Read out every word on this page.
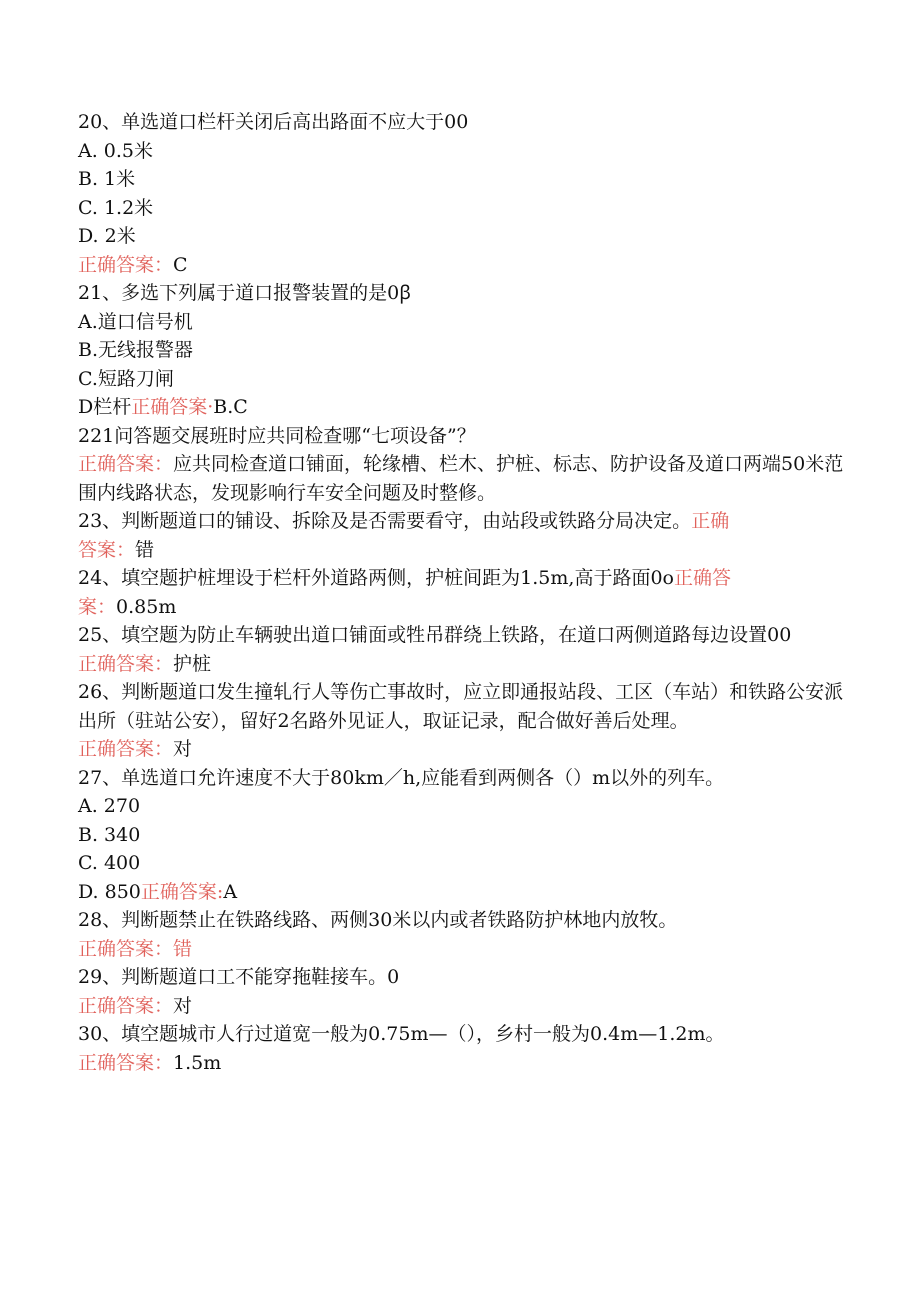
20、单选道口栏杆关闭后高出路面不应大于00
A. 0.5米
B. 1米
C. 1.2米
D. 2米
正确答案：C
21、多选下列属于道口报警装置的是0ꞵ
A.道口信号机
B.无线报警器
C.短路刀闸
D栏杆正确答案·B.C
221问答题交展班时应共同检查哪“七项设备”？
正确答案：应共同检查道口铺面，轮缘槽、栏木、护桩、标志、防护设备及道口两端50米范围内线路状态，发现影响行车安全问题及时整修。
23、判断题道口的铺设、拆除及是否需要看守，由站段或铁路分局决定。正确
答案：错
24、填空题护桩埋设于栏杆外道路两侧，护桩间距为1.5m,高于路面0o正确答
案：0.85m
25、填空题为防止车辆驶出道口铺面或牲吊群绕上铁路，在道口两侧道路每边设置00
正确答案：护桩
26、判断题道口发生撞轧行人等伤亡事故时，应立即通报站段、工区（车站）和铁路公安派出所（驻站公安），留好2名路外见证人，取证记录，配合做好善后处理。
正确答案：对
27、单选道口允许速度不大于80km／h,应能看到两侧各（）m以外的列车。
A. 270
B. 340
C. 400
D. 850正确答案:A
28、判断题禁止在铁路线路、两侧30米以内或者铁路防护林地内放牧。
正确答案：错
29、判断题道口工不能穿拖鞋接车。0
正确答案：对
30、填空题城市人行过道宽一般为0.75m—（），乡村一般为0.4m—1.2m。
正确答案：1.5m
